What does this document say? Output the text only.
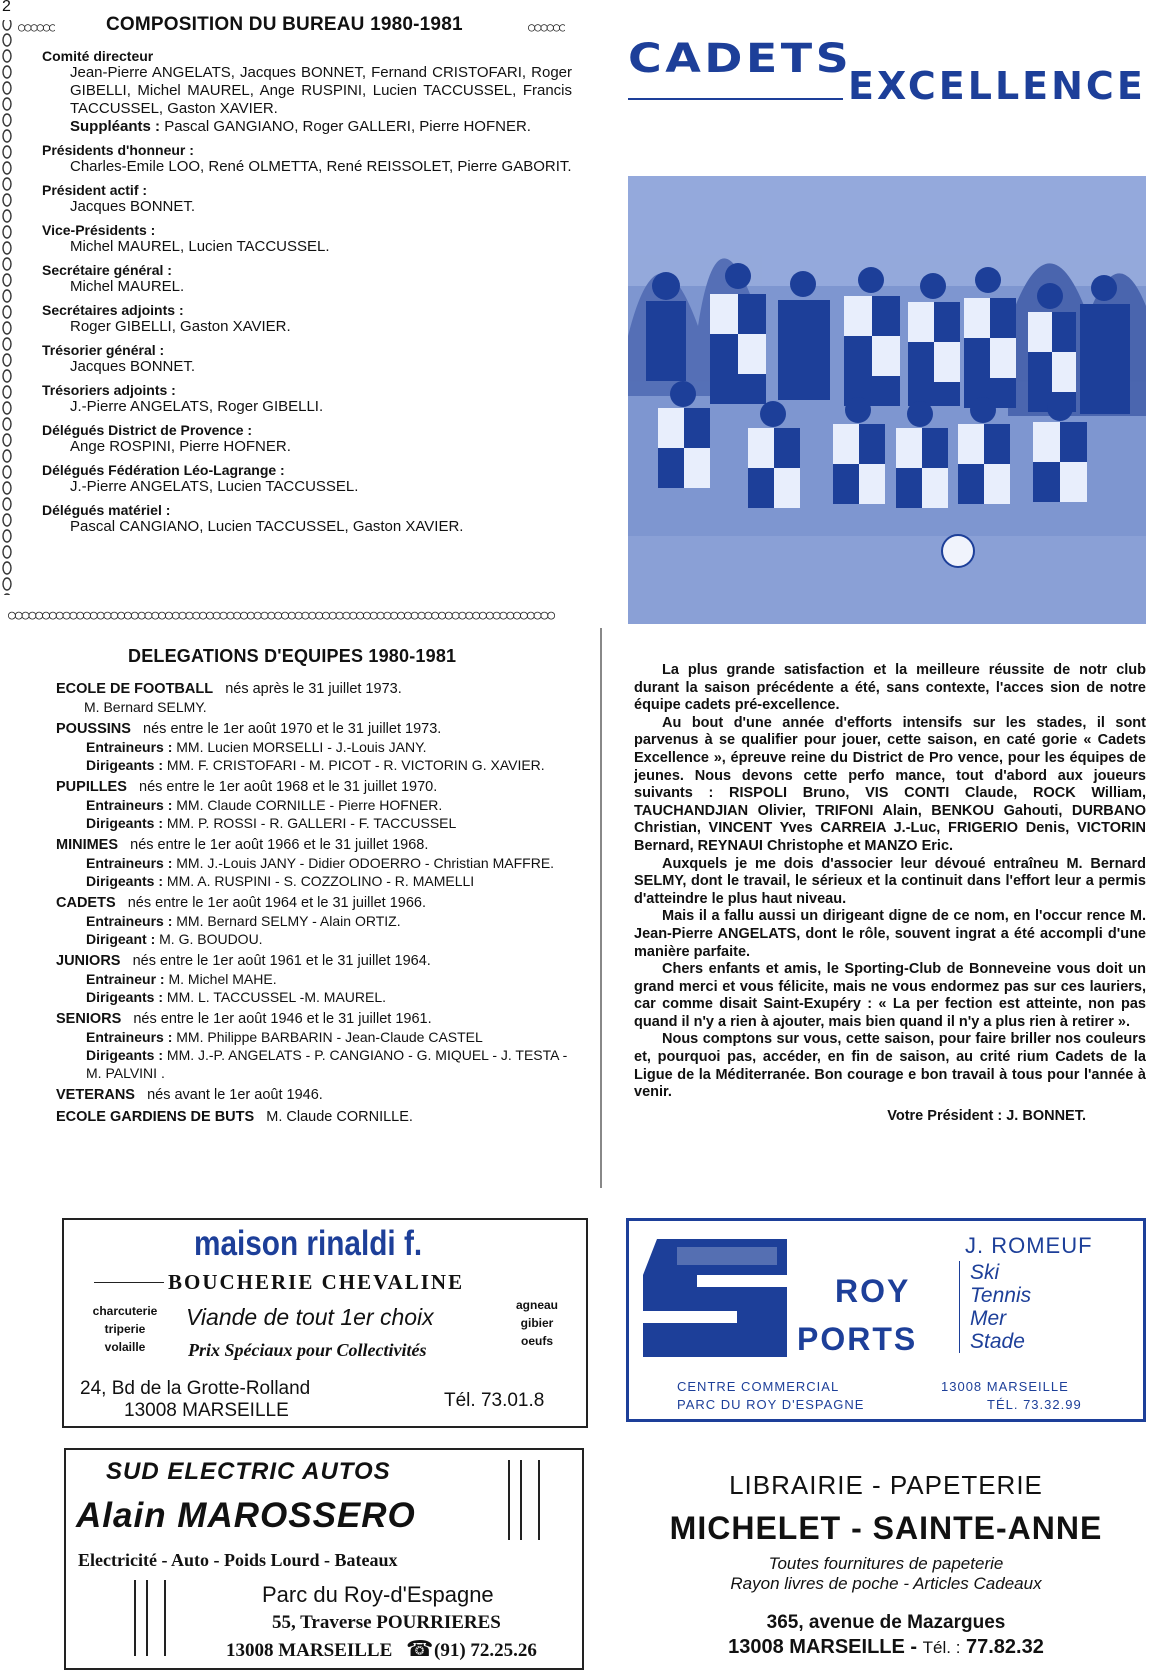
2
○○○○○○	COMPOSITION DU BUREAU 1980-1981	○○○○○○
Comité directeur
Jean-Pierre ANGELATS, Jacques BONNET, Fernand CRISTOFARI, Roger GIBELLI, Michel MAUREL, Ange RUSPINI, Lucien TACCUSSEL, Francis TACCUSSEL, Gaston XAVIER.
Suppléants : Pascal GANGIANO, Roger GALLERI, Pierre HOFNER.
Présidents d'honneur :
Charles-Emile LOO, René OLMETTA, René REISSOLET, Pierre GABORIT.
Président actif :
Jacques BONNET.
Vice-Présidents :
Michel MAUREL, Lucien TACCUSSEL.
Secrétaire général :
Michel MAUREL.
Secrétaires adjoints :
Roger GIBELLI, Gaston XAVIER.
Trésorier général :
Jacques BONNET.
Trésoriers adjoints :
J.-Pierre ANGELATS, Roger GIBELLI.
Délégués District de Provence :
Ange ROSPINI, Pierre HOFNER.
Délégués Fédération Léo-Lagrange :
J.-Pierre ANGELATS, Lucien TACCUSSEL.
Délégués matériel :
Pascal CANGIANO, Lucien TACCUSSEL, Gaston XAVIER.
○○○○○○○○○○○○○○○○○○○○○○○○○○○○○○○○○○○○○○○○○○○○○○○○○○○○○○○○○○○○○○○○○○○○○○○○○○○○○○○○
CADETS
EXCELLENCE
DELEGATIONS D'EQUIPES 1980-1981
ECOLE DE FOOTBALL nés après le 31 juillet 1973.
M. Bernard SELMY.
POUSSINS nés entre le 1er août 1970 et le 31 juillet 1973.
Entraineurs : MM. Lucien MORSELLI - J.-Louis JANY.
Dirigeants : MM. F. CRISTOFARI - M. PICOT - R. VICTORIN G. XAVIER.
PUPILLES nés entre le 1er août 1968 et le 31 juillet 1970.
Entraineurs : MM. Claude CORNILLE - Pierre HOFNER.
Dirigeants : MM. P. ROSSI - R. GALLERI - F. TACCUSSEL
MINIMES nés entre le 1er août 1966 et le 31 juillet 1968.
Entraineurs : MM. J.-Louis JANY - Didier ODOERRO - Christian MAFFRE.
Dirigeants : MM. A. RUSPINI - S. COZZOLINO - R. MAMELLI
CADETS nés entre le 1er août 1964 et le 31 juillet 1966.
Entraineurs : MM. Bernard SELMY - Alain ORTIZ.
Dirigeant : M. G. BOUDOU.
JUNIORS nés entre le 1er août 1961 et le 31 juillet 1964.
Entraineur : M. Michel MAHE.
Dirigeants : MM. L. TACCUSSEL -M. MAUREL.
SENIORS nés entre le 1er août 1946 et le 31 juillet 1961.
Entraineurs : MM. Philippe BARBARIN - Jean-Claude CASTEL
Dirigeants : MM. J.-P. ANGELATS - P. CANGIANO - G. MIQUEL - J. TESTA - M. PALVINI .
VETERANS nés avant le 1er août 1946.
ECOLE GARDIENS DE BUTS M. Claude CORNILLE.

La plus grande satisfaction et la meilleure réussite de notr club durant la saison précédente a été, sans contexte, l'acces sion de notre équipe cadets pré-excellence.

Au bout d'une année d'efforts intensifs sur les stades, il sont parvenus à se qualifier pour jouer, cette saison, en caté gorie « Cadets Excellence », épreuve reine du District de Pro vence, pour les équipes de jeunes. Nous devons cette perfo mance, tout d'abord aux joueurs suivants : RISPOLI Bruno, VIS CONTI Claude, ROCK William, TAUCHANDJIAN Olivier, TRIFONI Alain, BENKOU Gahouti, DURBANO Christian, VINCENT Yves CARREIA J.-Luc, FRIGERIO Denis, VICTORIN Bernard, REYNAUI Christophe et MANZO Eric.

Auxquels je me dois d'associer leur dévoué entraîneu M. Bernard SELMY, dont le travail, le sérieux et la continuit dans l'effort leur a permis d'atteindre le plus haut niveau.

Mais il a fallu aussi un dirigeant digne de ce nom, en l'occur rence M. Jean-Pierre ANGELATS, dont le rôle, souvent ingrat a été accompli d'une manière parfaite.

Chers enfants et amis, le Sporting-Club de Bonneveine vous doit un grand merci et vous félicite, mais ne vous endormez pas sur ces lauriers, car comme disait Saint-Exupéry : « La per fection est atteinte, non pas quand il n'y a rien à ajouter, mais bien quand il n'y a plus rien à retirer ».

Nous comptons sur vous, cette saison, pour faire briller nos couleurs et, pourquoi pas, accéder, en fin de saison, au crité rium Cadets de la Ligue de la Méditerranée. Bon courage e bon travail à tous pour l'année à venir.

Votre Président : J. BONNET.
maison rinaldi f.
BOUCHERIE CHEVALINE
charcuterie
triperie
volaille
Viande de tout 1er choix	agneau
gibier
oeufs
Prix Spéciaux pour Collectivités
24, Bd de la Grotte-Rolland
13008 MARSEILLE	Tél. 73.01.8
J. ROMEUF
ROY
PORTS
Ski
Tennis
Mer
Stade
CENTRE COMMERCIAL
PARC DU ROY D'ESPAGNE
13008 MARSEILLE
TÉL. 73.32.99
SUD ELECTRIC AUTOS
Alain MAROSSERO
Electricité - Auto - Poids Lourd - Bateaux
Parc du Roy-d'Espagne
55, Traverse POURRIERES
13008 MARSEILLE ☎ (91) 72.25.26
LIBRAIRIE - PAPETERIE
MICHELET - SAINTE-ANNE
Toutes fournitures de papeterie
Rayon livres de poche - Articles Cadeaux
365, avenue de Mazargues
13008 MARSEILLE - Tél. : 77.82.32
